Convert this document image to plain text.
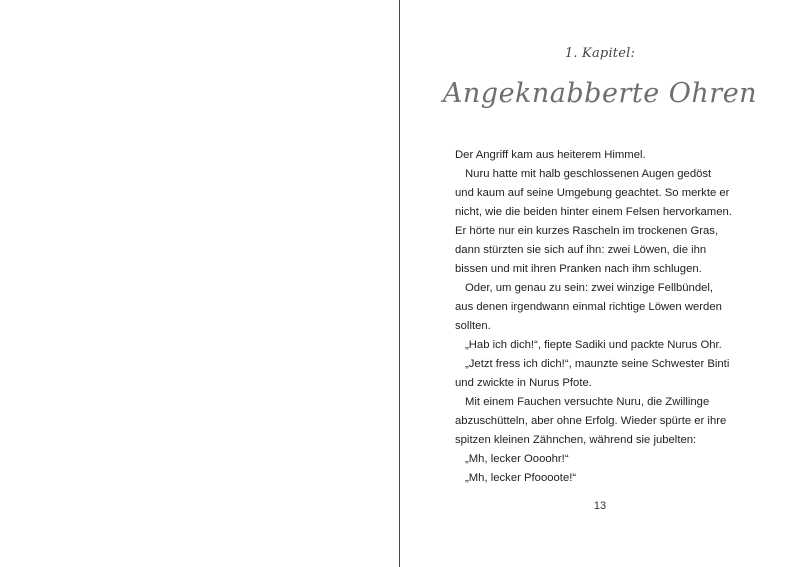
1. Kapitel:
Angeknabberte Ohren
Der Angriff kam aus heiterem Himmel.
Nuru hatte mit halb geschlossenen Augen gedöst
und kaum auf seine Umgebung geachtet. So merkte er
nicht, wie die beiden hinter einem Felsen hervorkamen.
Er hörte nur ein kurzes Rascheln im trockenen Gras,
dann stürzten sie sich auf ihn: zwei Löwen, die ihn
bissen und mit ihren Pranken nach ihm schlugen.
Oder, um genau zu sein: zwei winzige Fellbündel,
aus denen irgendwann einmal richtige Löwen werden
sollten.
„Hab ich dich!“, fiepte Sadiki und packte Nurus Ohr.
„Jetzt fress ich dich!“, maunzte seine Schwester Binti
und zwickte in Nurus Pfote.
Mit einem Fauchen versuchte Nuru, die Zwillinge
abzuschütteln, aber ohne Erfolg. Wieder spürte er ihre
spitzen kleinen Zähnchen, während sie jubelten:
„Mh, lecker Oooohr!“
„Mh, lecker Pfoooote!“
13
